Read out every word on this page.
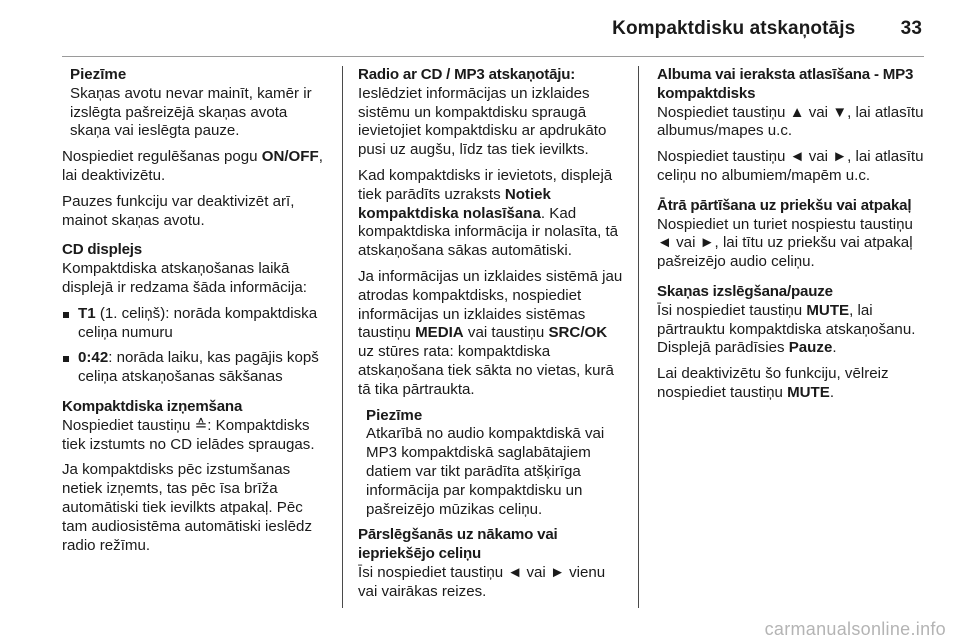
Kompaktdisku atskaņotājs 33

Piezīme

Skaņas avotu nevar mainīt, kamēr ir izslēgta pašreizējā skaņas avota skaņa vai ieslēgta pauze.

Nospiediet regulēšanas pogu ON/​OFF, lai deaktivizētu.

Pauzes funkciju var deaktivizēt arī, mainot skaņas avotu.

CD displejs

Kompaktdiska atskaņošanas laikā displejā ir redzama šāda informācija:

T1 (1. celiņš): norāda kompaktdiska celiņa numuru

0:42: norāda laiku, kas pagājis kopš celiņa atskaņošanas sākšanas

Kompaktdiska izņemšana

Nospiediet taustiņu ≙: Kompaktdisks tiek izstumts no CD ielādes spraugas.

Ja kompaktdisks pēc izstumšanas netiek izņemts, tas pēc īsa brīža automātiski tiek ievilkts atpakaļ. Pēc tam audiosistēma automātiski ieslēdz radio režīmu.

Radio ar CD / MP3 atskaņotāju:

Ieslēdziet informācijas un izklaides sistēmu un kompaktdisku spraugā ievietojiet kompaktdisku ar apdrukāto pusi uz augšu, līdz tas tiek ievilkts.

Kad kompaktdisks ir ievietots, displejā tiek parādīts uzraksts Notiek kompaktdiska nolasīšana. Kad kompaktdiska informācija ir nolasīta, tā atskaņošana sākas automātiski.

Ja informācijas un izklaides sistēmā jau atrodas kompaktdisks, nospiediet informācijas un izklaides sistēmas taustiņu MEDIA vai taustiņu SRC/​OK uz stūres rata: kompaktdiska atskaņošana tiek sākta no vietas, kurā tā tika pārtraukta.

Piezīme

Atkarībā no audio kompaktdiskā vai MP3 kompaktdiskā saglabātajiem datiem var tikt parādīta atšķirīga informācija par kompaktdisku un pašreizējo mūzikas celiņu.

Pārslēgšanās uz nākamo vai iepriekšējo celiņu

Īsi nospiediet taustiņu ◄ vai ► vienu vai vairākas reizes.

Albuma vai ieraksta atlasīšana - MP3 kompaktdisks

Nospiediet taustiņu ▲ vai ▼, lai atlasītu albumus/mapes u.c.

Nospiediet taustiņu ◄ vai ►, lai atlasītu celiņu no albumiem/mapēm u.c.

Ātrā pārtīšana uz priekšu vai atpakaļ

Nospiediet un turiet nospiestu taustiņu ◄ vai ►, lai tītu uz priekšu vai atpakaļ pašreizējo audio celiņu.

Skaņas izslēgšana/pauze

Īsi nospiediet taustiņu MUTE, lai pārtrauktu kompaktdiska atskaņošanu. Displejā parādīsies Pauze.

Lai deaktivizētu šo funkciju, vēlreiz nospiediet taustiņu MUTE.

carmanualsonline.info
